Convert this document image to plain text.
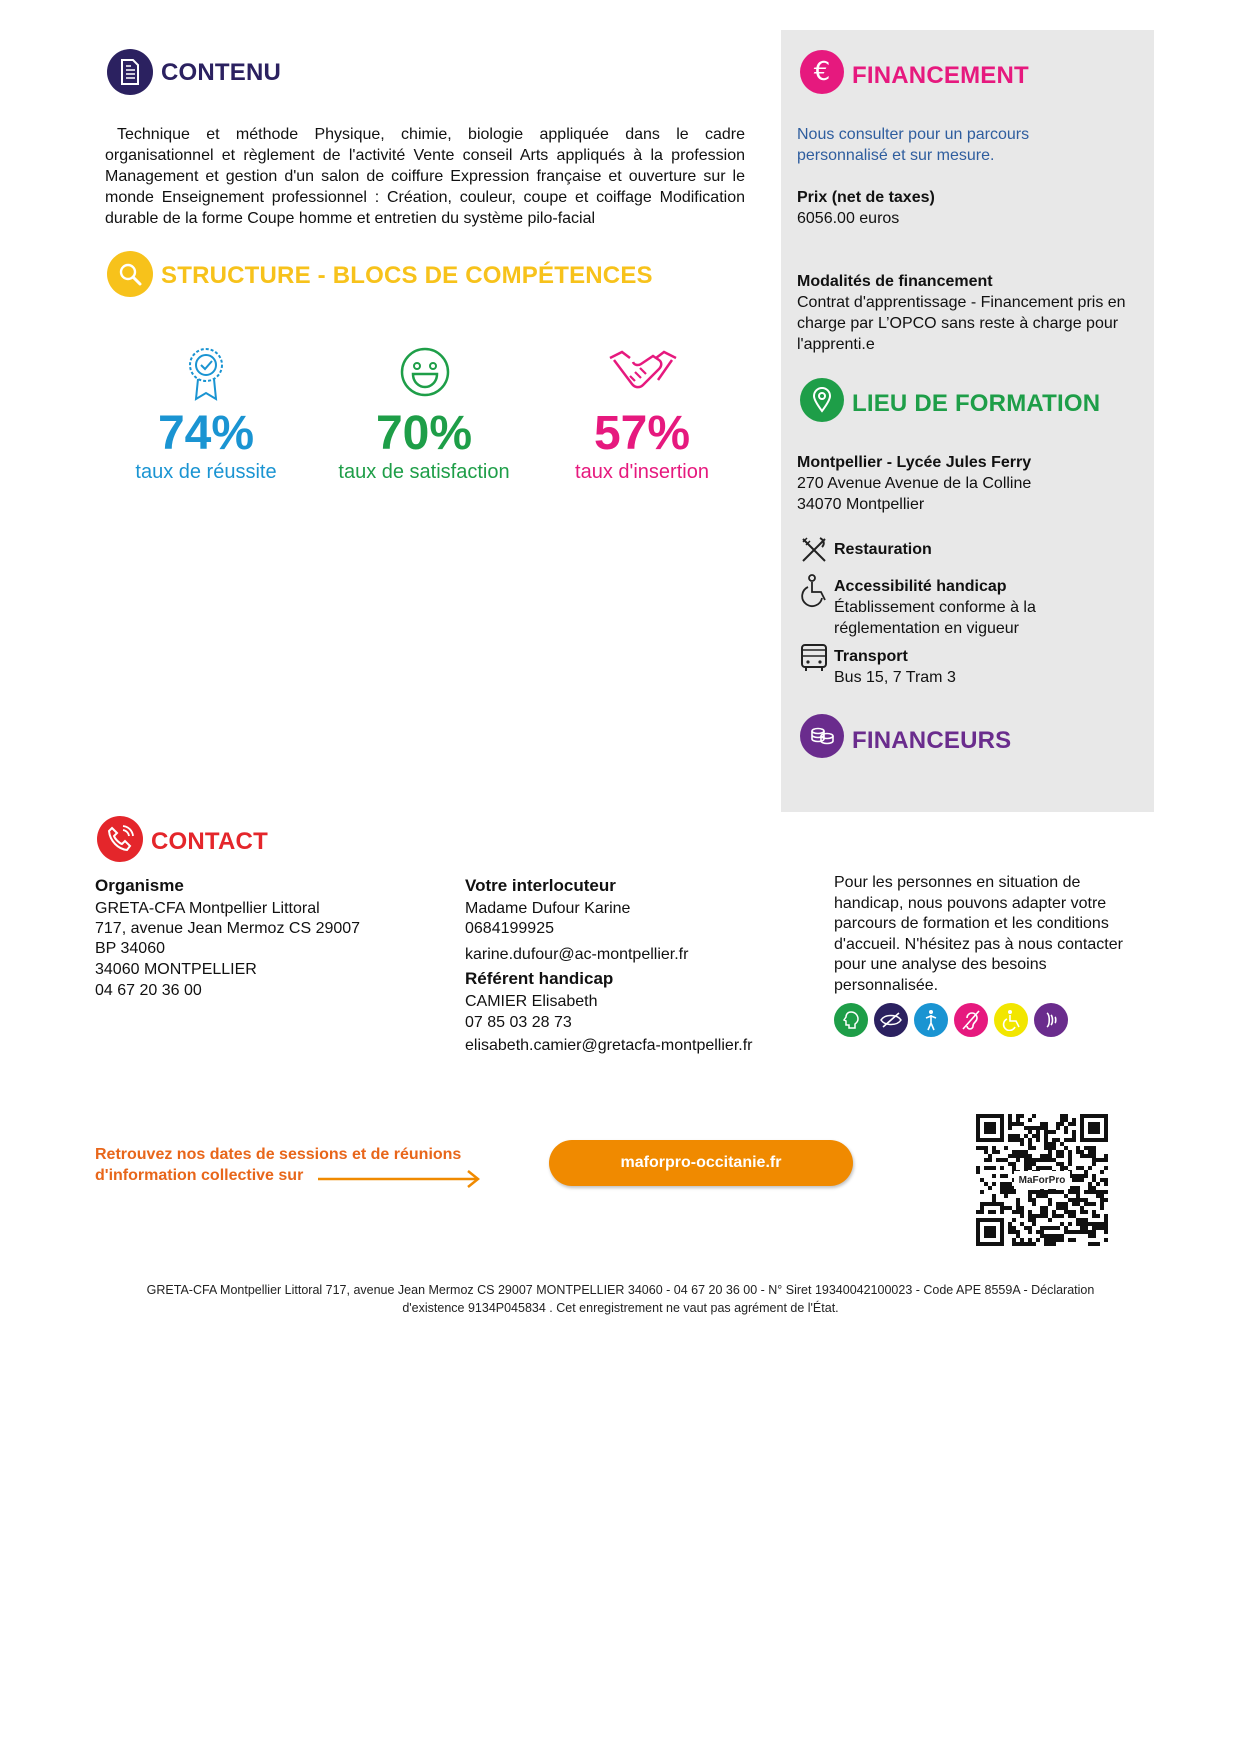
CONTENU
Technique et méthode Physique, chimie, biologie appliquée dans le cadre organisationnel et règlement de l'activité Vente conseil Arts appliqués à la profession Management et gestion d'un salon de coiffure Expression française et ouverture sur le monde Enseignement professionnel : Création, couleur, coupe et coiffage Modification durable de la forme Coupe homme et entretien du système pilo-facial
STRUCTURE - BLOCS DE COMPÉTENCES
74%
taux de réussite
70%
taux de satisfaction
57%
taux d'insertion
€ FINANCEMENT
Nous consulter pour un parcours personnalisé et sur mesure.
Prix (net de taxes)
6056.00 euros
Modalités de financement
Contrat d'apprentissage - Financement pris en charge par L’OPCO sans reste à charge pour l'apprenti.e
LIEU DE FORMATION
Montpellier - Lycée Jules Ferry
270 Avenue Avenue de la Colline
34070 Montpellier
Restauration
Accessibilité handicap
Établissement conforme à la réglementation en vigueur
Transport
Bus 15, 7 Tram 3
FINANCEURS
CONTACT
Organisme
GRETA-CFA Montpellier Littoral
717, avenue Jean Mermoz CS 29007
BP 34060
34060 MONTPELLIER
04 67 20 36 00
Votre interlocuteur
Madame Dufour Karine
0684199925
karine.dufour@ac-montpellier.fr
Référent handicap
CAMIER Elisabeth
07 85 03 28 73
elisabeth.camier@gretacfa-montpellier.fr
Pour les personnes en situation de handicap, nous pouvons adapter votre parcours de formation et les conditions d'accueil. N'hésitez pas à nous contacter pour une analyse des besoins personnalisée.
Retrouvez nos dates de sessions et de réunions
d'information collective sur
maforpro-occitanie.fr
MaForPro
GRETA-CFA Montpellier Littoral 717, avenue Jean Mermoz CS 29007 MONTPELLIER 34060 - 04 67 20 36 00 - N° Siret 19340042100023 - Code APE 8559A - Déclaration
d'existence 9134P045834 . Cet enregistrement ne vaut pas agrément de l'État.
